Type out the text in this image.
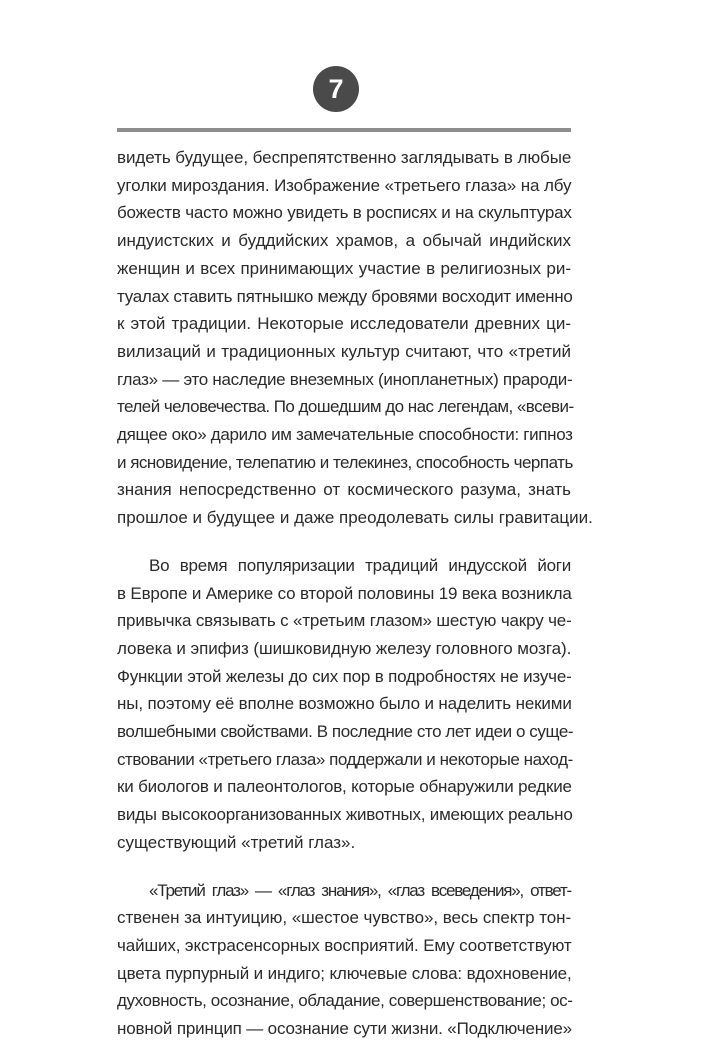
7
видеть будущее, беспрепятственно заглядывать в любые
уголки мироздания. Изображение «третьего глаза» на лбу
божеств часто можно увидеть в росписях и на скульптурах
индуистских и буддийских храмов, а обычай индийских
женщин и всех принимающих участие в религиозных ри-
туалах ставить пятнышко между бровями восходит именно
к этой традиции. Некоторые исследователи древних ци-
вилизаций и традиционных культур считают, что «третий
глаз» — это наследие внеземных (инопланетных) прароди-
телей человечества. По дошедшим до нас легендам, «всеви-
дящее око» дарило им замечательные способности: гипноз
и ясновидение, телепатию и телекинез, способность черпать
знания непосредственно от космического разума, знать
прошлое и будущее и даже преодолевать силы гравитации.
Во время популяризации традиций индусской йоги
в Европе и Америке со второй половины 19 века возникла
привычка связывать с «третьим глазом» шестую чакру че-
ловека и эпифиз (шишковидную железу головного мозга).
Функции этой железы до сих пор в подробностях не изуче-
ны, поэтому её вполне возможно было и наделить некими
волшебными свойствами. В последние сто лет идеи о суще-
ствовании «третьего глаза» поддержали и некоторые наход-
ки биологов и палеонтологов, которые обнаружили редкие
виды высокоорганизованных животных, имеющих реально
существующий «третий глаз».
«Третий глаз» — «глаз знания», «глаз всеведения», ответ-
ственен за интуицию, «шестое чувство», весь спектр тон-
чайших, экстрасенсорных восприятий. Ему соответствуют
цвета пурпурный и индиго; ключевые слова: вдохновение,
духовность, осознание, обладание, совершенствование; ос-
новной принцип — осознание сути жизни. «Подключение»
